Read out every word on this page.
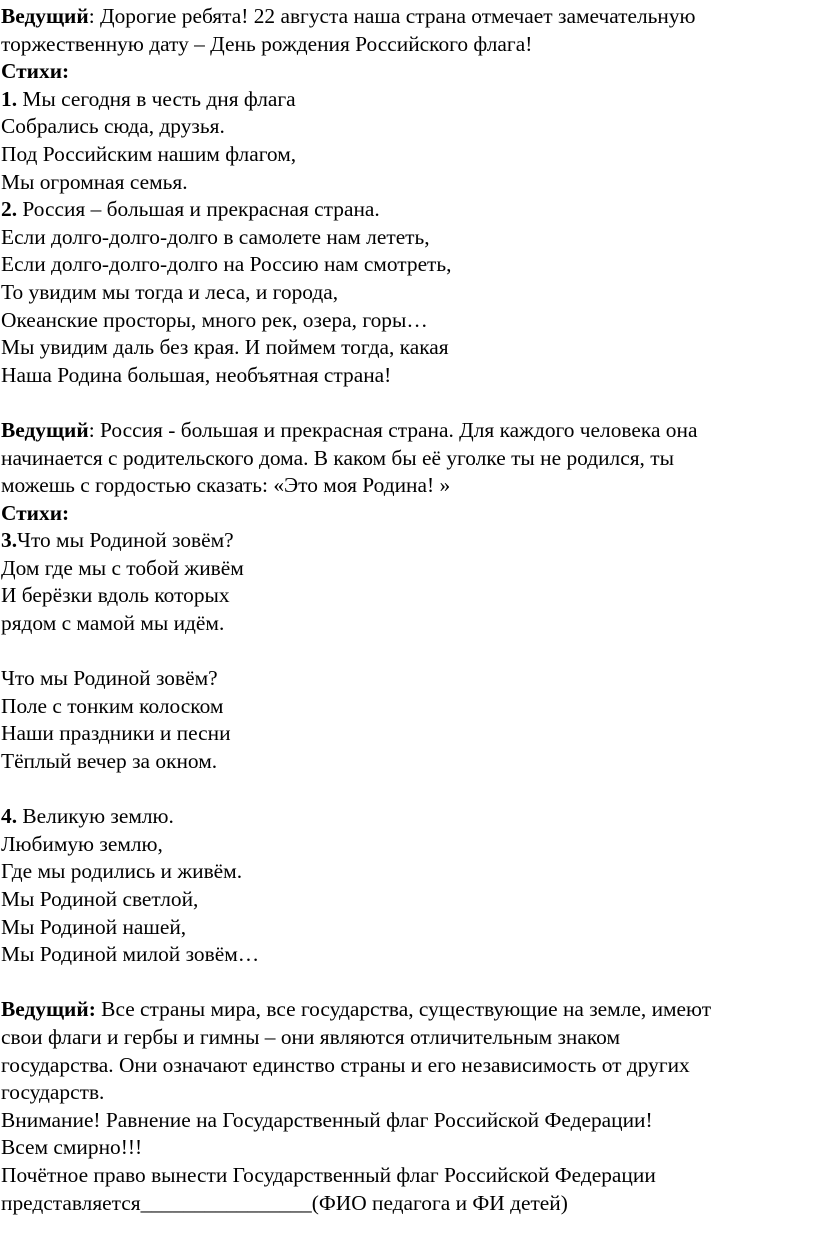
Ведущий: Дорогие ребята! 22 августа наша страна отмечает замечательную
торжественную дату – День рождения Российского флага!
Стихи:
1. Мы сегодня в честь дня флага
Собрались сюда, друзья.
Под Российским нашим флагом,
Мы огромная семья.
2. Россия – большая и прекрасная страна.
Если долго-долго-долго в самолете нам лететь,
Если долго-долго-долго на Россию нам смотреть,
То увидим мы тогда и леса, и города,
Океанские просторы, много рек, озера, горы…
Мы увидим даль без края. И поймем тогда, какая
Наша Родина большая, необъятная страна!
Ведущий: Россия - большая и прекрасная страна. Для каждого человека она
начинается с родительского дома. В каком бы её уголке ты не родился, ты
можешь с гордостью сказать: «Это моя Родина! »
Стихи:
3.Что мы Родиной зовём?
Дом где мы с тобой живём
И берёзки вдоль которых
рядом с мамой мы идём.
Что мы Родиной зовём?
Поле с тонким колоском
Наши праздники и песни
Тёплый вечер за окном.
4. Великую землю.
Любимую землю,
Где мы родились и живём.
Мы Родиной светлой,
Мы Родиной нашей,
Мы Родиной милой зовём…
Ведущий: Все страны мира, все государства, существующие на земле, имеют
свои флаги и гербы и гимны – они являются отличительным знаком
государства. Они означают единство страны и его независимость от других
государств.
Внимание! Равнение на Государственный флаг Российской Федерации!
Всем смирно!!!
Почётное право вынести Государственный флаг Российской Федерации
представляется________________(ФИО педагога и ФИ детей)
